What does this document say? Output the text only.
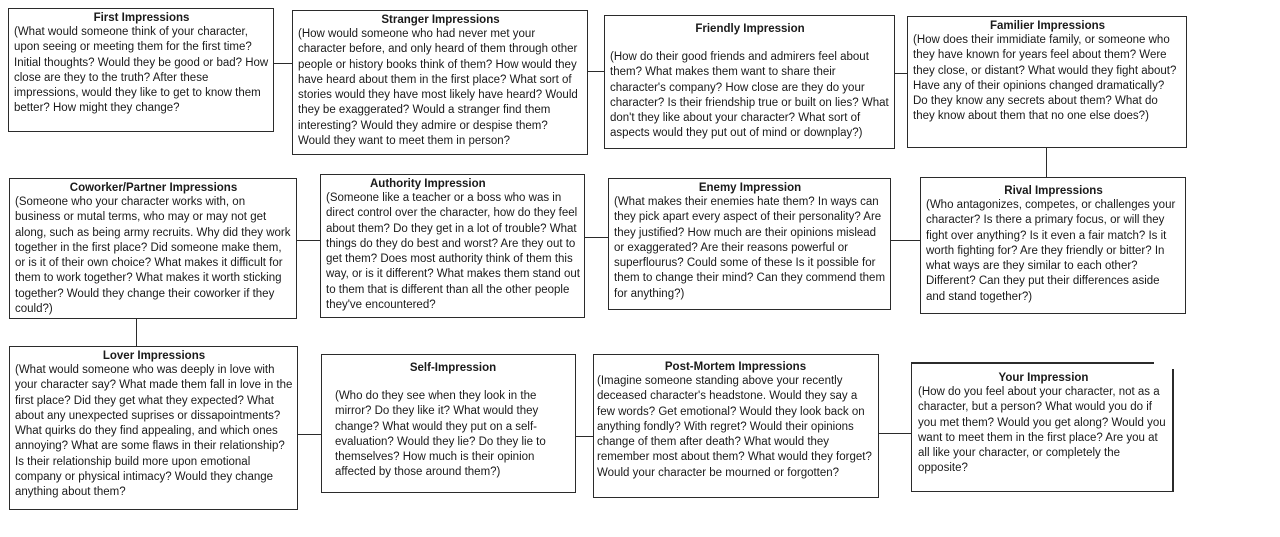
First Impressions
(What would someone think of your character, upon seeing or meeting them for the first time? Initial thoughts? Would they be good or bad? How close are they to the truth? After these impressions, would they like to get to know them better? How might they change?
Stranger Impressions
(How would someone who had never met your character before, and only heard of them through other people or history books think of them? How would they have heard about them in the first place? What sort of stories would they have most likely have heard? Would they be exaggerated? Would a stranger find them interesting? Would they admire or despise them? Would they want to meet them in person?
Friendly Impression
(How do their good friends and admirers feel about them? What makes them want to share their character's company? How close are they do your character? Is their friendship true or built on lies? What don't they like about your character? What sort of aspects would they put out of mind or downplay?)
Familier Impressions
(How does their immidiate family, or someone who they have known for years feel about them? Were they close, or distant? What would they fight about? Have any of their opinions changed dramatically? Do they know any secrets about them? What do they know about them that no one else does?)
Coworker/Partner Impressions
(Someone who your character works with, on business or mutal terms, who may or may not get along, such as being army recruits. Why did they work together in the first place? Did someone make them, or is it of their own choice? What makes it difficult for them to work together? What makes it worth sticking together? Would they change their coworker if they could?)
Authority Impression
(Someone like a teacher or a boss who was in direct control over the character, how do they feel about them? Do they get in a lot of trouble? What things do they do best and worst? Are they out to get them? Does most authority think of them this way, or is it different? What makes them stand out to them that is different than all the other people they've encountered?
Enemy Impression
(What makes their enemies hate them? In ways can they pick apart every aspect of their personality? Are they justified? How much are their opinions mislead or exaggerated? Are their reasons powerful or superflourus? Could some of these Is it possible for them to change their mind? Can they commend them for anything?)
Rival Impressions
(Who antagonizes, competes, or challenges your character? Is there a primary focus, or will they fight over anything? Is it even a fair match? Is it worth fighting for? Are they friendly or bitter? In what ways are they similar to each other? Different? Can they put their differences aside and stand together?)
Lover Impressions
(What would someone who was deeply in love with your character say? What made them fall in love in the first place? Did they get what they expected? What about any unexpected suprises or dissapointments? What quirks do they find appealing, and which ones annoying? What are some flaws in their relationship? Is their relationship build more upon emotional company or physical intimacy? Would they change anything about them?
Self-Impression
(Who do they see when they look in the mirror? Do they like it? What would they change? What would they put on a self-evaluation? Would they lie? Do they lie to themselves? How much is their opinion affected by those around them?)
Post-Mortem Impressions
(Imagine someone standing above your recently deceased character's headstone. Would they say a few words? Get emotional? Would they look back on anything fondly? With regret? Would their opinions change of them after death? What would they remember most about them? What would they forget? Would your character be mourned or forgotten?
Your Impression
(How do you feel about your character, not as a character, but a person? What would you do if you met them? Would you get along? Would you want to meet them in the first place? Are you at all like your character, or completely the opposite?
